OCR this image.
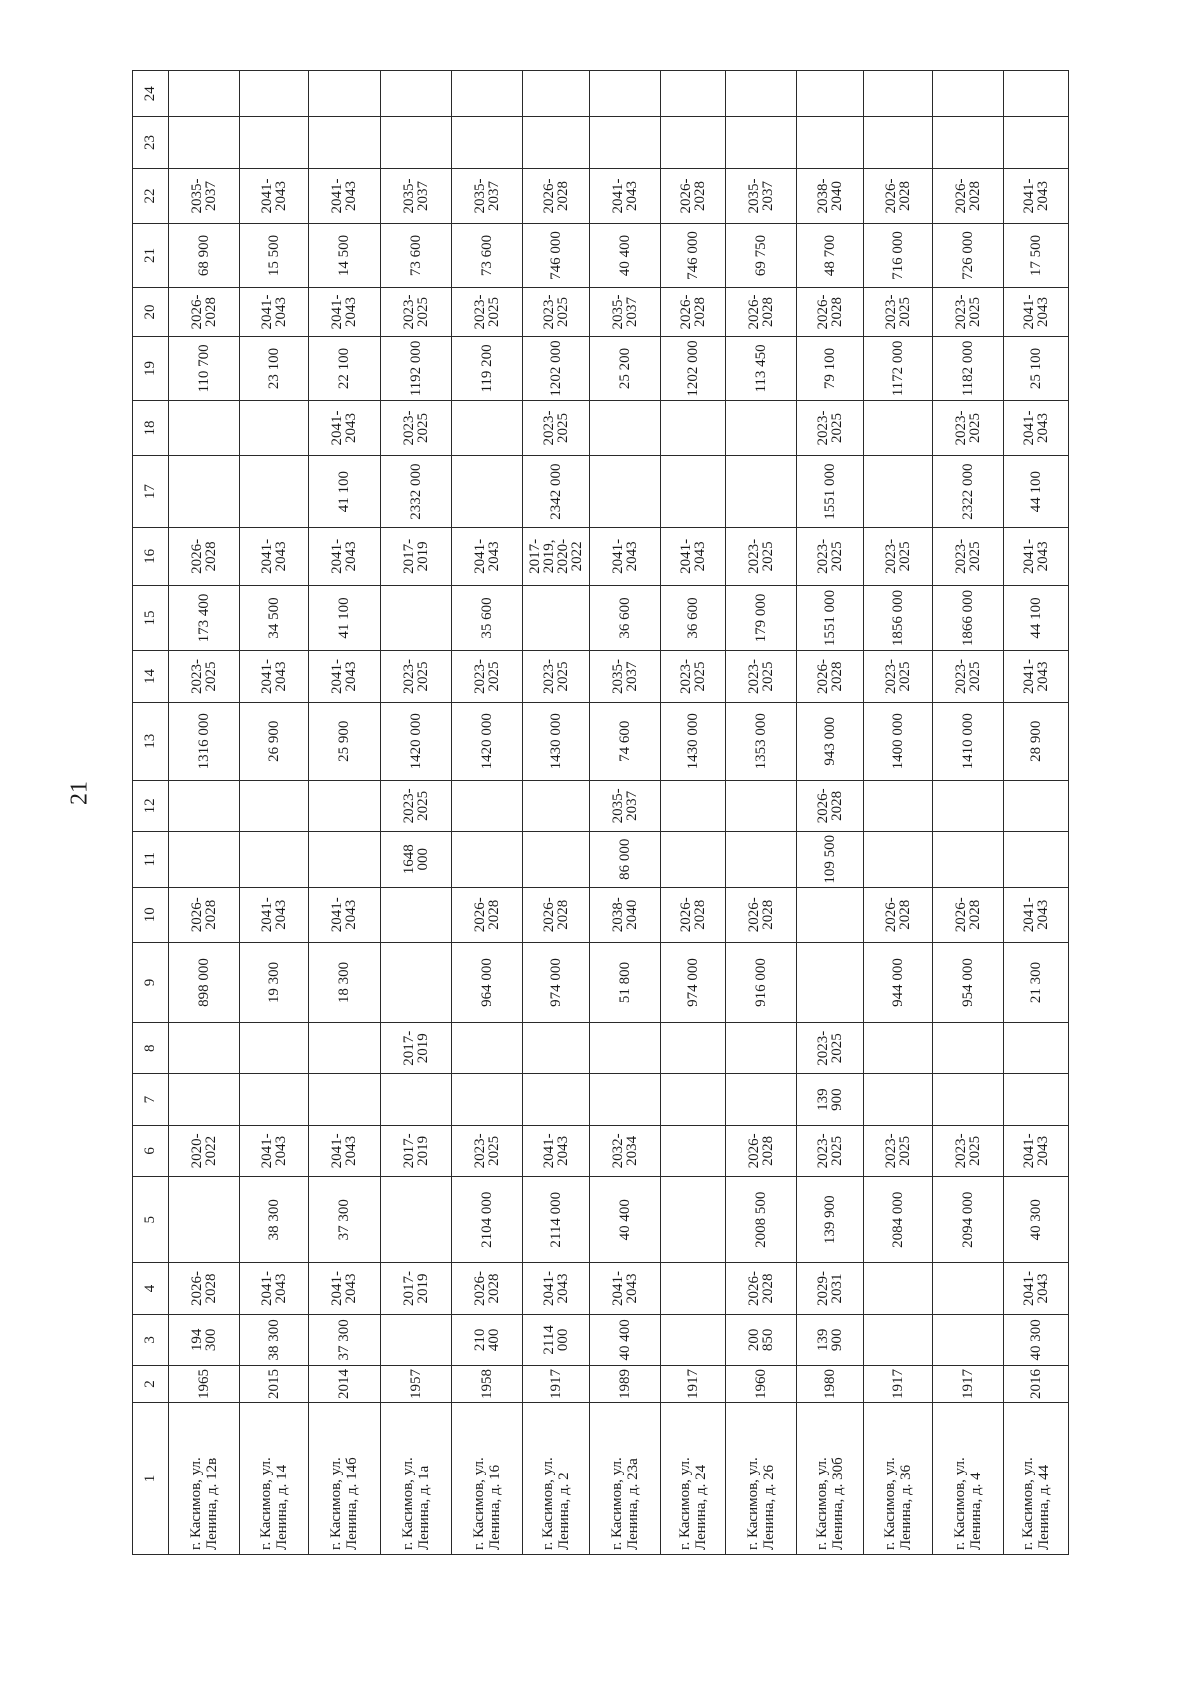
21
1	2	3	4	5	6	7	8	9	10	11	12	13	14	15	16	17	18	19	20	21	22	23	24
г. Касимов, ул. Ленина, д. 12в	1965	194 300	2026-2028		2020-2022			898 000	2026-2028			1316 000	2023-2025	173 400	2026-2028			110 700	2026-2028	68 900	2035-2037		
г. Касимов, ул. Ленина, д. 14	2015	38 300	2041-2043	38 300	2041-2043			19 300	2041-2043			26 900	2041-2043	34 500	2041-2043			23 100	2041-2043	15 500	2041-2043		
г. Касимов, ул. Ленина, д. 14б	2014	37 300	2041-2043	37 300	2041-2043			18 300	2041-2043			25 900	2041-2043	41 100	2041-2043	41 100	2041-2043	22 100	2041-2043	14 500	2041-2043		
г. Касимов, ул. Ленина, д. 1а	1957		2017-2019		2017-2019		2017-2019			1648 000	2023-2025	1420 000	2023-2025		2017-2019	2332 000	2023-2025	1192 000	2023-2025	73 600	2035-2037		
г. Касимов, ул. Ленина, д. 16	1958	210 400	2026-2028	2104 000	2023-2025			964 000	2026-2028			1420 000	2023-2025	35 600	2041-2043			119 200	2023-2025	73 600	2035-2037		
г. Касимов, ул. Ленина, д. 2	1917	2114 000	2041-2043	2114 000	2041-2043			974 000	2026-2028			1430 000	2023-2025		2017-2019, 2020-2022	2342 000	2023-2025	1202 000	2023-2025	746 000	2026-2028		
г. Касимов, ул. Ленина, д. 23а	1989	40 400	2041-2043	40 400	2032-2034			51 800	2038-2040	86 000	2035-2037	74 600	2035-2037	36 600	2041-2043			25 200	2035-2037	40 400	2041-2043		
г. Касимов, ул. Ленина, д. 24	1917							974 000	2026-2028			1430 000	2023-2025	36 600	2041-2043			1202 000	2026-2028	746 000	2026-2028		
г. Касимов, ул. Ленина, д. 26	1960	200 850	2026-2028	2008 500	2026-2028			916 000	2026-2028			1353 000	2023-2025	179 000	2023-2025			113 450	2026-2028	69 750	2035-2037		
г. Касимов, ул. Ленина, д. 30б	1980	139 900	2029-2031	139 900	2023-2025	139 900	2023-2025			109 500	2026-2028	943 000	2026-2028	1551 000	2023-2025	1551 000	2023-2025	79 100	2026-2028	48 700	2038-2040		
г. Касимов, ул. Ленина, д. 36	1917			2084 000	2023-2025			944 000	2026-2028			1400 000	2023-2025	1856 000	2023-2025			1172 000	2023-2025	716 000	2026-2028		
г. Касимов, ул. Ленина, д. 4	1917			2094 000	2023-2025			954 000	2026-2028			1410 000	2023-2025	1866 000	2023-2025	2322 000	2023-2025	1182 000	2023-2025	726 000	2026-2028		
г. Касимов, ул. Ленина, д. 44	2016	40 300	2041-2043	40 300	2041-2043			21 300	2041-2043			28 900	2041-2043	44 100	2041-2043	44 100	2041-2043	25 100	2041-2043	17 500	2041-2043		
